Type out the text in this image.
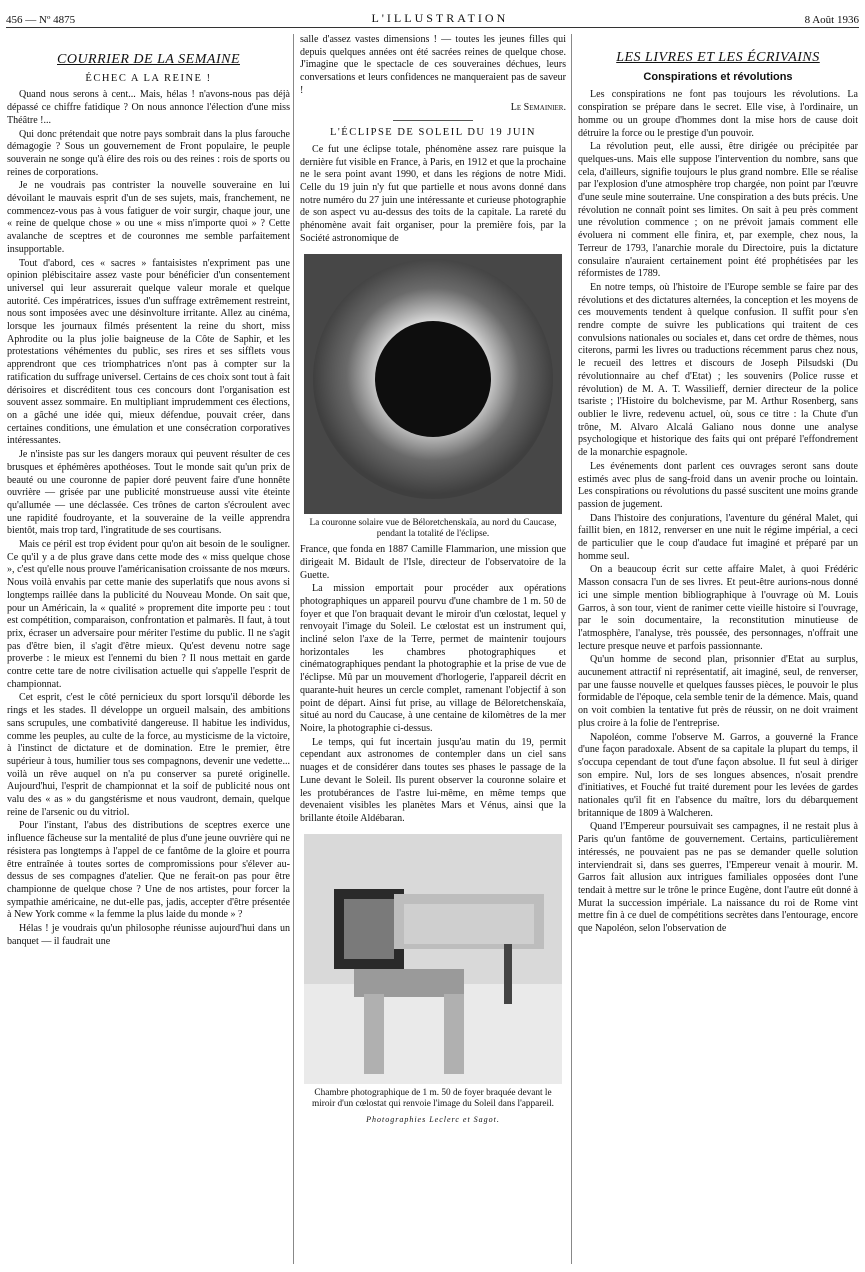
456 — Nº 4875	L'ILLUSTRATION	8 Août 1936
COURRIER DE LA SEMAINE
ÉCHEC A LA REINE !

Quand nous serons à cent... Mais, hélas ! n'avons-nous pas déjà dépassé ce chiffre fatidique ? On nous annonce l'élection d'une miss Théâtre !...

Qui donc prétendait que notre pays sombrait dans la plus farouche démagogie ? Sous un gouvernement de Front populaire, le peuple souverain ne songe qu'à élire des rois ou des reines : rois de sports ou reines de corporations.

Je ne voudrais pas contrister la nouvelle souveraine en lui dévoilant le mauvais esprit d'un de ses sujets, mais, franchement, ne commencez-vous pas à vous fatiguer de voir surgir, chaque jour, une « reine de quelque chose » ou une « miss n'importe quoi » ? Cette avalanche de sceptres et de couronnes me semble parfaitement insupportable.

Tout d'abord, ces « sacres » fantaisistes n'expriment pas une opinion plébiscitaire assez vaste pour bénéficier d'un consentement universel qui leur assurerait quelque valeur morale et quelque autorité. Ces impératrices, issues d'un suffrage extrêmement restreint, nous sont imposées avec une désinvolture irritante. Allez au cinéma, lorsque les journaux filmés présentent la reine du short, miss Aphrodite ou la plus jolie baigneuse de la Côte de Saphir, et les protestations véhémentes du public, ses rires et ses sifflets vous apprendront que ces triomphatrices n'ont pas à compter sur la ratification du suffrage universel. Certains de ces choix sont tout à fait dérisoires et discréditent tous ces concours dont l'organisation est souvent assez sommaire. En multipliant imprudemment ces élections, on a gâché une idée qui, mieux défendue, pouvait créer, dans certaines conditions, une émulation et une consécration corporatives intéressantes.

Je n'insiste pas sur les dangers moraux qui peuvent résulter de ces brusques et éphémères apothéoses. Tout le monde sait qu'un prix de beauté ou une couronne de papier doré peuvent faire d'une honnête ouvrière — grisée par une publicité monstrueuse aussi vite éteinte qu'allumée — une déclassée. Ces trônes de carton s'écroulent avec une rapidité foudroyante, et la souveraine de la veille apprendra bientôt, mais trop tard, l'ingratitude de ses courtisans.

Mais ce péril est trop évident pour qu'on ait besoin de le souligner. Ce qu'il y a de plus grave dans cette mode des « miss quelque chose », c'est qu'elle nous prouve l'américanisation croissante de nos mœurs. Nous voilà envahis par cette manie des superlatifs que nous avons si longtemps raillée dans la publicité du Nouveau Monde. On sait que, pour un Américain, la « qualité » proprement dite importe peu : tout est compétition, comparaison, confrontation et palmarès. Il faut, à tout prix, écraser un adversaire pour mériter l'estime du public. Il ne s'agit pas d'être bien, il s'agit d'être mieux. Qu'est devenu notre sage proverbe : le mieux est l'ennemi du bien ? Il nous mettait en garde contre cette tare de notre civilisation actuelle qui s'appelle l'esprit de championnat.

Cet esprit, c'est le côté pernicieux du sport lorsqu'il déborde les rings et les stades. Il développe un orgueil malsain, des ambitions sans scrupules, une combativité dangereuse. Il habitue les individus, comme les peuples, au culte de la force, au mysticisme de la victoire, à l'instinct de dictature et de domination. Etre le premier, être supérieur à tous, humilier tous ses compagnons, devenir une vedette... voilà un rêve auquel on n'a pu conserver sa pureté originelle. Aujourd'hui, l'esprit de championnat et la soif de publicité nous ont valu des « as » du gangstérisme et nous vaudront, demain, quelque reine de l'arsenic ou du vitriol.

Pour l'instant, l'abus des distributions de sceptres exerce une influence fâcheuse sur la mentalité de plus d'une jeune ouvrière qui ne résistera pas longtemps à l'appel de ce fantôme de la gloire et pourra être entraînée à toutes sortes de compromissions pour s'élever au-dessus de ses compagnes d'atelier. Que ne ferait-on pas pour être championne de quelque chose ? Une de nos artistes, pour forcer la sympathie américaine, ne dut-elle pas, jadis, accepter d'être présentée à New York comme « la femme la plus laide du monde » ?

Hélas ! je voudrais qu'un philosophe réunisse aujourd'hui dans un banquet — il faudrait une

salle d'assez vastes dimensions ! — toutes les jeunes filles qui depuis quelques années ont été sacrées reines de quelque chose. J'imagine que le spectacle de ces souveraines déchues, leurs conversations et leurs confidences ne manqueraient pas de saveur !

Le Semainier.

L'ÉCLIPSE DE SOLEIL DU 19 JUIN

Ce fut une éclipse totale, phénomène assez rare puisque la dernière fut visible en France, à Paris, en 1912 et que la prochaine ne le sera point avant 1990, et dans les régions de notre Midi. Celle du 19 juin n'y fut que partielle et nous avons donné dans notre numéro du 27 juin une intéressante et curieuse photographie de son aspect vu au-dessus des toits de la capitale. La rareté du phénomène avait fait organiser, pour la première fois, par la Société astronomique de

La couronne solaire vue de Béloretchenskaïa, au nord du Caucase, pendant la totalité de l'éclipse.

France, que fonda en 1887 Camille Flammarion, une mission que dirigeait M. Bidault de l'Isle, directeur de l'observatoire de la Guette.

La mission emportait pour procéder aux opérations photographiques un appareil pourvu d'une chambre de 1 m. 50 de foyer et que l'on braquait devant le miroir d'un cœlostat, lequel y renvoyait l'image du Soleil. Le cœlostat est un instrument qui, incliné selon l'axe de la Terre, permet de maintenir toujours horizontales les chambres photographiques et cinématographiques pendant la photographie et la prise de vue de l'éclipse. Mû par un mouvement d'horlogerie, l'appareil décrit en quarante-huit heures un cercle complet, ramenant l'objectif à son point de départ. Ainsi fut prise, au village de Béloretchenskaïa, situé au nord du Caucase, à une centaine de kilomètres de la mer Noire, la photographie ci-dessus.

Le temps, qui fut incertain jusqu'au matin du 19, permit cependant aux astronomes de contempler dans un ciel sans nuages et de considérer dans toutes ses phases le passage de la Lune devant le Soleil. Ils purent observer la couronne solaire et les protubérances de l'astre lui-même, en même temps que devenaient visibles les planètes Mars et Vénus, ainsi que la brillante étoile Aldébaran.

Chambre photographique de 1 m. 50 de foyer braquée devant le miroir d'un cœlostat qui renvoie l'image du Soleil dans l'appareil.

Photographies Leclerc et Sagot.

LES LIVRES ET LES ÉCRIVAINS
Conspirations et révolutions

Les conspirations ne font pas toujours les révolutions. La conspiration se prépare dans le secret. Elle vise, à l'ordinaire, un homme ou un groupe d'hommes dont la mise hors de cause doit détruire la force ou le prestige d'un pouvoir.

La révolution peut, elle aussi, être dirigée ou précipitée par quelques-uns. Mais elle suppose l'intervention du nombre, sans que cela, d'ailleurs, signifie toujours le plus grand nombre. Elle se réalise par l'explosion d'une atmosphère trop chargée, non point par l'œuvre d'une seule mine souterraine. Une conspiration a des buts précis. Une révolution ne connaît point ses limites. On sait à peu près comment une révolution commence ; on ne prévoit jamais comment elle évoluera ni comment elle finira, et, par exemple, chez nous, la Terreur de 1793, l'anarchie morale du Directoire, puis la dictature consulaire n'auraient certainement point été prophétisées par les réformistes de 1789.

En notre temps, où l'histoire de l'Europe semble se faire par des révolutions et des dictatures alternées, la conception et les moyens de ces mouvements tendent à quelque confusion. Il suffit pour s'en rendre compte de suivre les publications qui traitent de ces convulsions nationales ou sociales et, dans cet ordre de thèmes, nous citerons, parmi les livres ou traductions récemment parus chez nous, le recueil des lettres et discours de Joseph Pilsudski (Du révolutionnaire au chef d'Etat) ; les souvenirs (Police russe et révolution) de M. A. T. Wassilieff, dernier directeur de la police tsariste ; l'Histoire du bolchevisme, par M. Arthur Rosenberg, sans oublier le livre, redevenu actuel, où, sous ce titre : la Chute d'un trône, M. Alvaro Alcalá Galiano nous donne une analyse psychologique et historique des faits qui ont préparé l'effondrement de la monarchie espagnole.

Les événements dont parlent ces ouvrages seront sans doute estimés avec plus de sang-froid dans un avenir proche ou lointain. Les conspirations ou révolutions du passé suscitent une moins grande passion de jugement.

Dans l'histoire des conjurations, l'aventure du général Malet, qui faillit bien, en 1812, renverser en une nuit le régime impérial, a ceci de particulier que le coup d'audace fut imaginé et préparé par un homme seul.

On a beaucoup écrit sur cette affaire Malet, à quoi Frédéric Masson consacra l'un de ses livres. Et peut-être aurions-nous donné ici une simple mention bibliographique à l'ouvrage où M. Louis Garros, à son tour, vient de ranimer cette vieille histoire si l'ouvrage, par le soin documentaire, la reconstitution minutieuse de l'atmosphère, l'analyse, très poussée, des personnages, n'offrait une lecture presque neuve et parfois passionnante.

Qu'un homme de second plan, prisonnier d'Etat au surplus, aucunement attractif ni représentatif, ait imaginé, seul, de renverser, par une fausse nouvelle et quelques fausses pièces, le pouvoir le plus formidable de l'époque, cela semble tenir de la démence. Mais, quand on voit combien la tentative fut près de réussir, on ne doit vraiment plus croire à la folie de l'entreprise.

Napoléon, comme l'observe M. Garros, a gouverné la France d'une façon paradoxale. Absent de sa capitale la plupart du temps, il s'occupa cependant de tout d'une façon absolue. Il fut seul à diriger son empire. Nul, lors de ses longues absences, n'osait prendre d'initiatives, et Fouché fut traité durement pour les levées de gardes nationales qu'il fit en l'absence du maître, lors du débarquement britannique de 1809 à Walcheren.

Quand l'Empereur poursuivait ses campagnes, il ne restait plus à Paris qu'un fantôme de gouvernement. Certains, particulièrement intéressés, ne pouvaient pas ne pas se demander quelle solution interviendrait si, dans ses guerres, l'Empereur venait à mourir. M. Garros fait allusion aux intrigues familiales opposées dont l'une tendait à mettre sur le trône le prince Eugène, dont l'autre eût donné à Murat la succession impériale. La naissance du roi de Rome vint mettre fin à ce duel de compétitions secrètes dans l'entourage, encore que Napoléon, selon l'observation de
